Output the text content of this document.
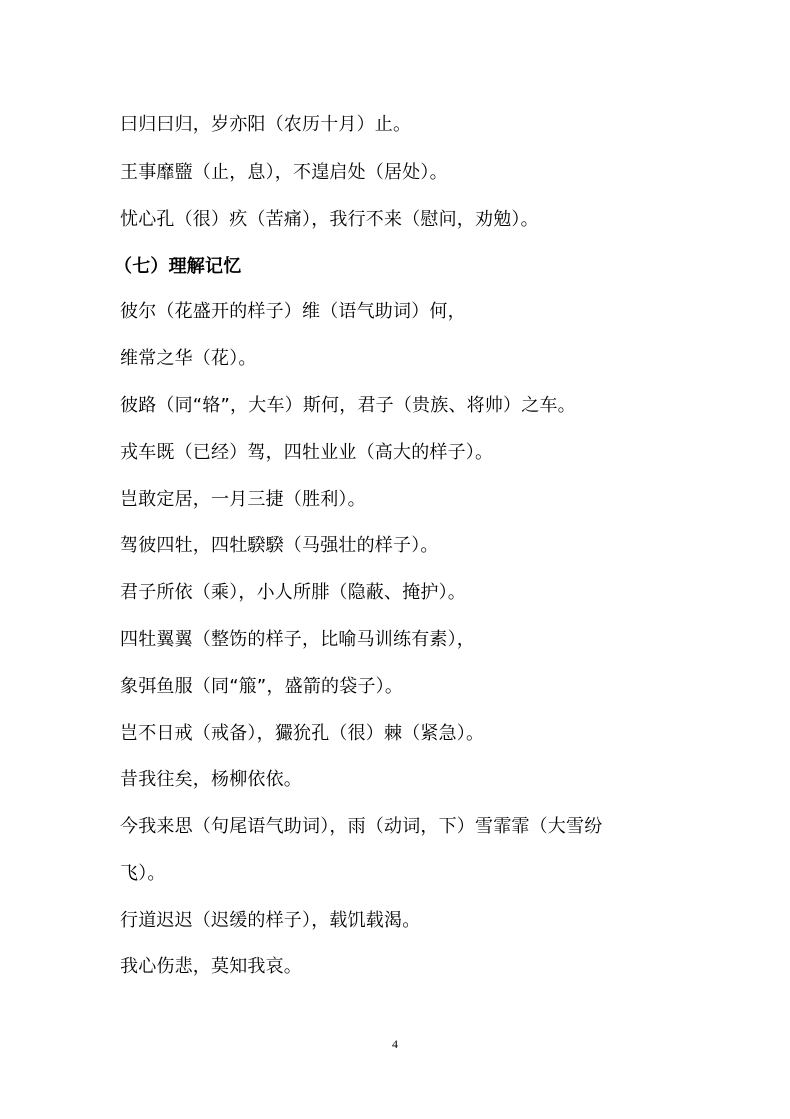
曰归曰归，岁亦阳（农历十月）止。
王事靡盬（止，息），不遑启处（居处）。
忧心孔（很）疚（苦痛），我行不来（慰问，劝勉）。
（七）理解记忆
彼尔（花盛开的样子）维（语气助词）何，
维常之华（花）。
彼路（同“辂”，大车）斯何，君子（贵族、将帅）之车。
戎车既（已经）驾，四牡业业（高大的样子）。
岂敢定居，一月三捷（胜利）。
驾彼四牡，四牡騤騤（马强壮的样子）。
君子所依（乘），小人所腓（隐蔽、掩护）。
四牡翼翼（整饬的样子，比喻马训练有素），
象弭鱼服（同“箙”，盛箭的袋子）。
岂不日戒（戒备），玁狁孔（很）棘（紧急）。
昔我往矣，杨柳依依。
今我来思（句尾语气助词），雨（动词，下）雪霏霏（大雪纷
飞）。
行道迟迟（迟缓的样子），载饥载渴。
我心伤悲，莫知我哀。
4
